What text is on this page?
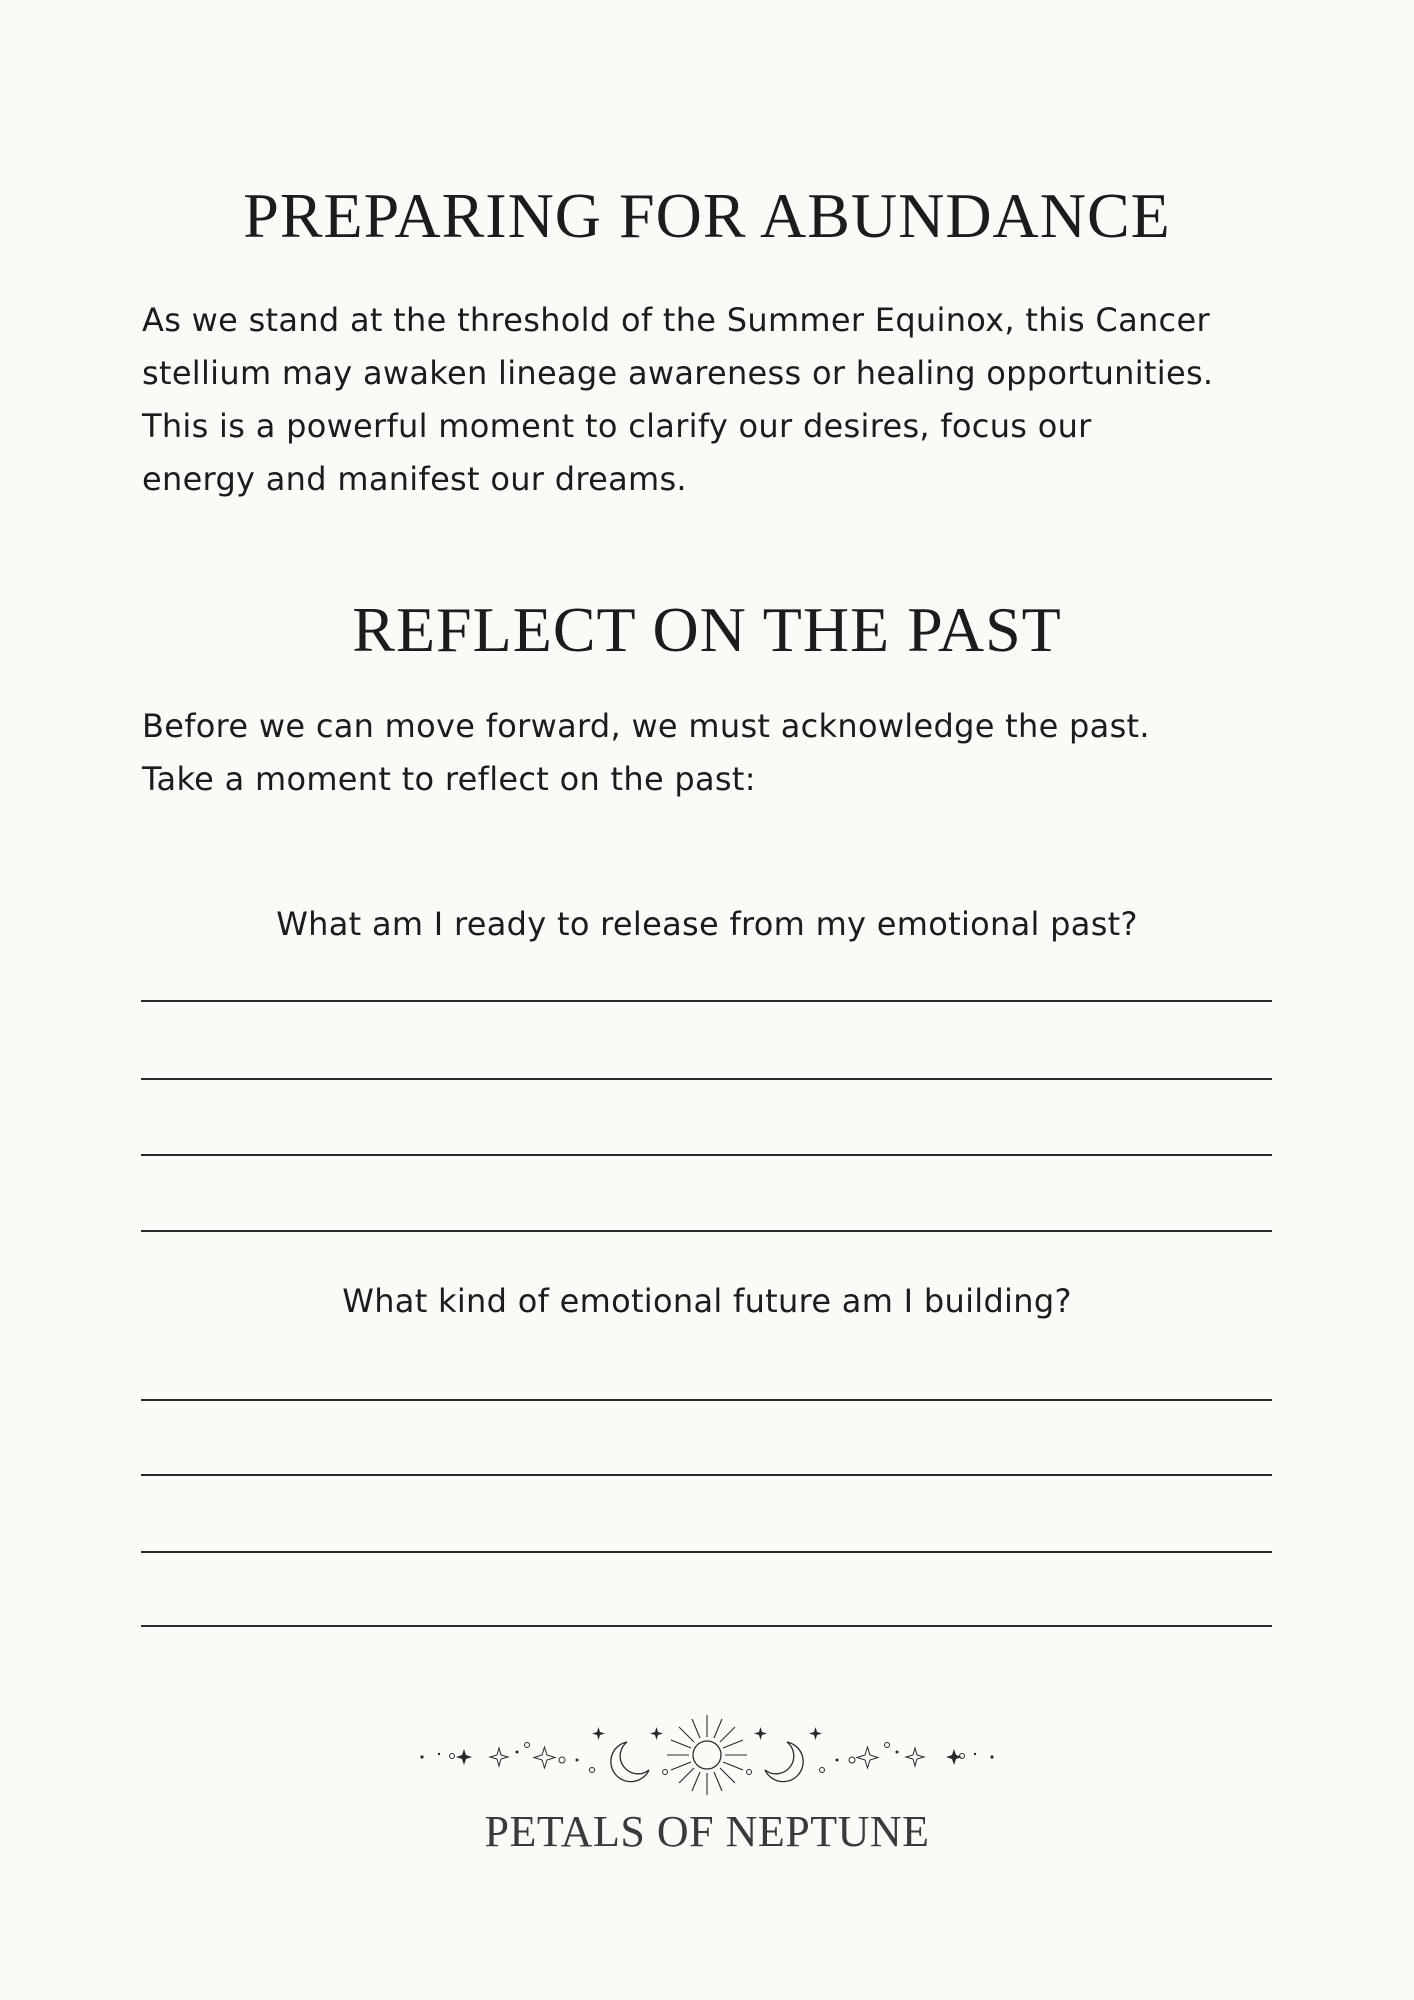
PREPARING FOR ABUNDANCE

As we stand at the threshold of the Summer Equinox, this Cancer
stellium may awaken lineage awareness or healing opportunities.
This is a powerful moment to clarify our desires, focus our
energy and manifest our dreams.

REFLECT ON THE PAST

Before we can move forward, we must acknowledge the past.
Take a moment to reflect on the past:

What am I ready to release from my emotional past?

What kind of emotional future am I building?

PETALS OF NEPTUNE
